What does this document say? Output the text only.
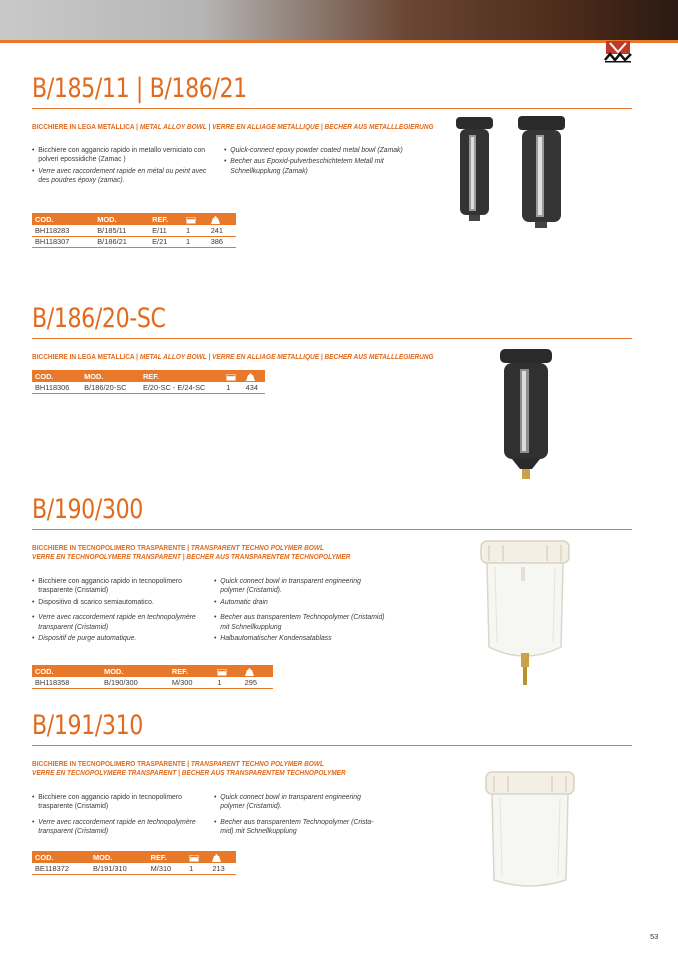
B/185/11 | B/186/21
BICCHIERE IN LEGA METALLICA | METAL ALLOY BOWL | VERRE EN ALLIAGE METALLIQUE | BECHER AUS METALLLEGIERUNG
• Bicchiere con aggancio rapido in metallo verniciato con polveri epossidiche (Zamac )
• Verre avec raccordement rapide en métal ou peint avec des poudres époxy (zamac).
• Quick-connect epoxy powder coated metal bowl (Zamak)
• Becher aus Epoxid-pulverbeschichtetem Metall mit Schnellkupplung (Zamak)
COD.	MOD.	REF.		
BH118283	B/185/11	E/11	1	241
BH118307	B/186/21	E/21	1	386
B/186/20-SC
BICCHIERE IN LEGA METALLICA | METAL ALLOY BOWL | VERRE EN ALLIAGE METALLIQUE | BECHER AUS METALLLEGIERUNG
COD.	MOD.	REF.		
BH118306	B/186/20-SC	E/20-SC - E/24-SC	1	434
B/190/300
BICCHIERE IN TECNOPOLIMERO TRASPARENTE | TRANSPARENT TECHNO POLYMER BOWL
VERRE EN TECHNOPOLYMERE TRANSPARENT | BECHER AUS TRANSPARENTEM TECHNOPOLYMER
• Bicchiere con aggancio rapido in tecnopolimero trasparente (Cristamid)
• Dispositivo di scarico semiautomatico.
• Verre avec raccordement rapide en technopolymère transparent (Cristamid)
• Dispositif de purge automatique.
• Quick connect bowl in transparent engineering polymer (Cristamid).
• Automatic drain
• Becher aus transparentem Technopolymer (Cristamid) mit Schnellkupplung
• Halbautomatischer Kondensatablass
COD.	MOD.	REF.		
BH118358	B/190/300	M/300	1	295
B/191/310
BICCHIERE IN TECNOPOLIMERO TRASPARENTE | TRANSPARENT TECHNO POLYMER BOWL
VERRE EN TECNOPOLYMERE TRANSPARENT | BECHER AUS TRANSPARENTEM TECHNOPOLYMER
• Bicchiere con aggancio rapido in tecnopolimero trasparente (Cristamid)
• Verre avec raccordement rapide en technopolymère transparent (Cristamid)
• Quick connect bowl in transparent engineering polymer (Cristamid).
• Becher aus transparentem Technopolymer (Crista-mid) mit Schnellkupplung
COD.	MOD.	REF.		
BE118372	B/191/310	M/310	1	213
53
